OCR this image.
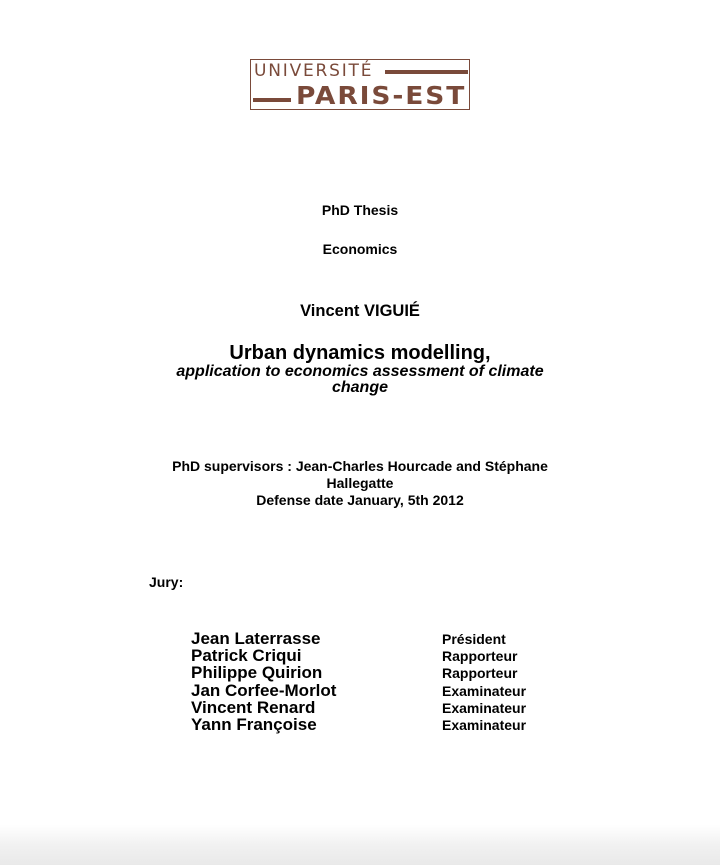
UNIVERSITÉ
PARIS-EST
PhD Thesis
Economics
Vincent VIGUIÉ
Urban dynamics modelling,
application to economics assessment of climate change
PhD supervisors : Jean-Charles Hourcade and Stéphane Hallegatte
Defense date January, 5th 2012
Jury:
Jean Laterrasse	Président
Patrick Criqui	Rapporteur
Philippe Quirion	Rapporteur
Jan Corfee-Morlot	Examinateur
Vincent Renard	Examinateur
Yann Françoise	Examinateur
